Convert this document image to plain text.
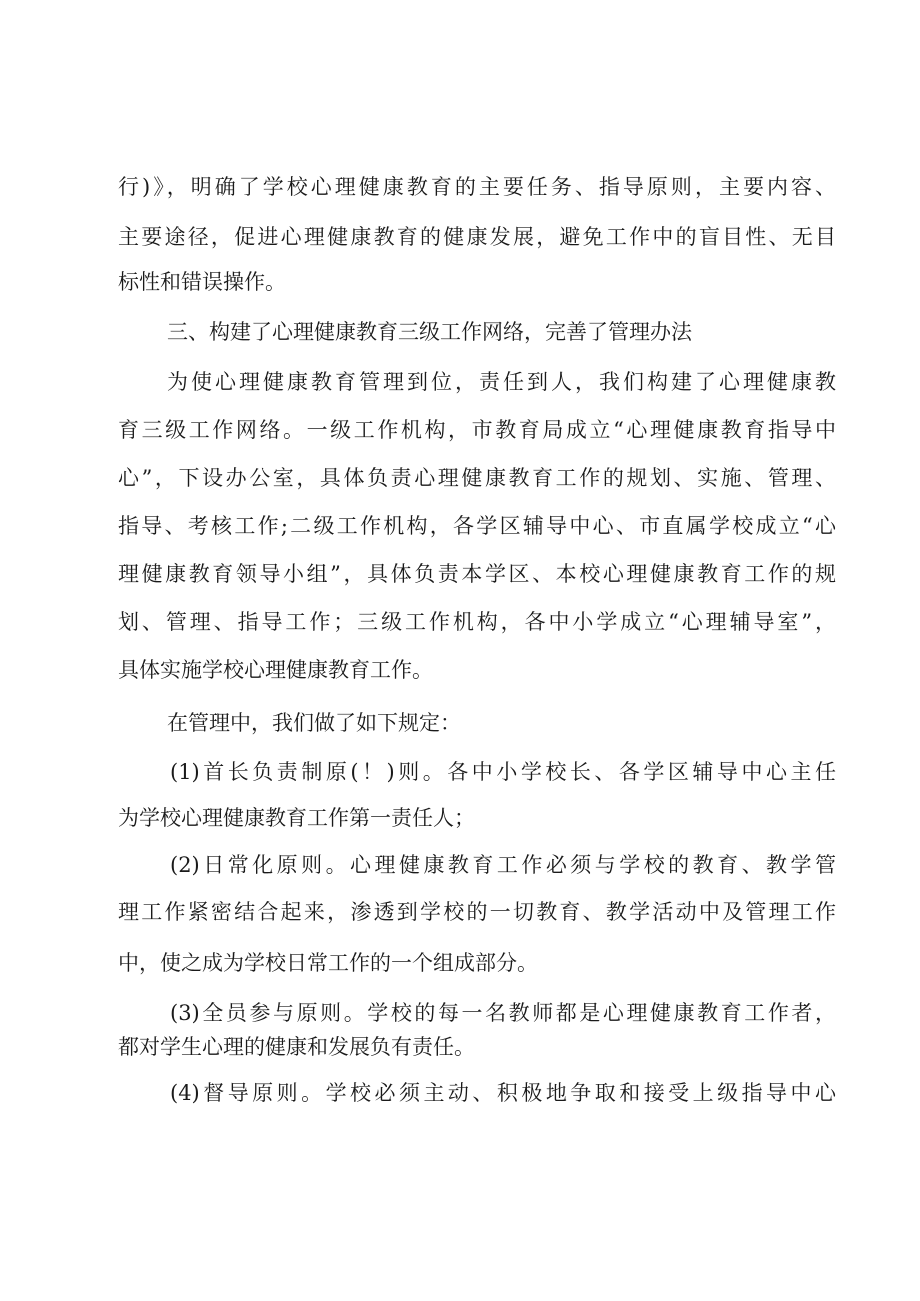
行)》，明确了学校心理健康教育的主要任务、指导原则，主要内容、
主要途径，促进心理健康教育的健康发展，避免工作中的盲目性、无目
标性和错误操作。
三、构建了心理健康教育三级工作网络，完善了管理办法
为使心理健康教育管理到位，责任到人，我们构建了心理健康教
育三级工作网络。一级工作机构，市教育局成立“心理健康教育指导中
心”，下设办公室，具体负责心理健康教育工作的规划、实施、管理、
指导、考核工作;二级工作机构，各学区辅导中心、市直属学校成立“心
理健康教育领导小组”，具体负责本学区、本校心理健康教育工作的规
划、管理、指导工作；三级工作机构，各中小学成立“心理辅导室”，
具体实施学校心理健康教育工作。
在管理中，我们做了如下规定：
(1)首长负责制原(！)则。各中小学校长、各学区辅导中心主任
为学校心理健康教育工作第一责任人；
(2)日常化原则。心理健康教育工作必须与学校的教育、教学管
理工作紧密结合起来，渗透到学校的一切教育、教学活动中及管理工作
中，使之成为学校日常工作的一个组成部分。
(3)全员参与原则。学校的每一名教师都是心理健康教育工作者，
都对学生心理的健康和发展负有责任。
(4)督导原则。学校必须主动、积极地争取和接受上级指导中心
